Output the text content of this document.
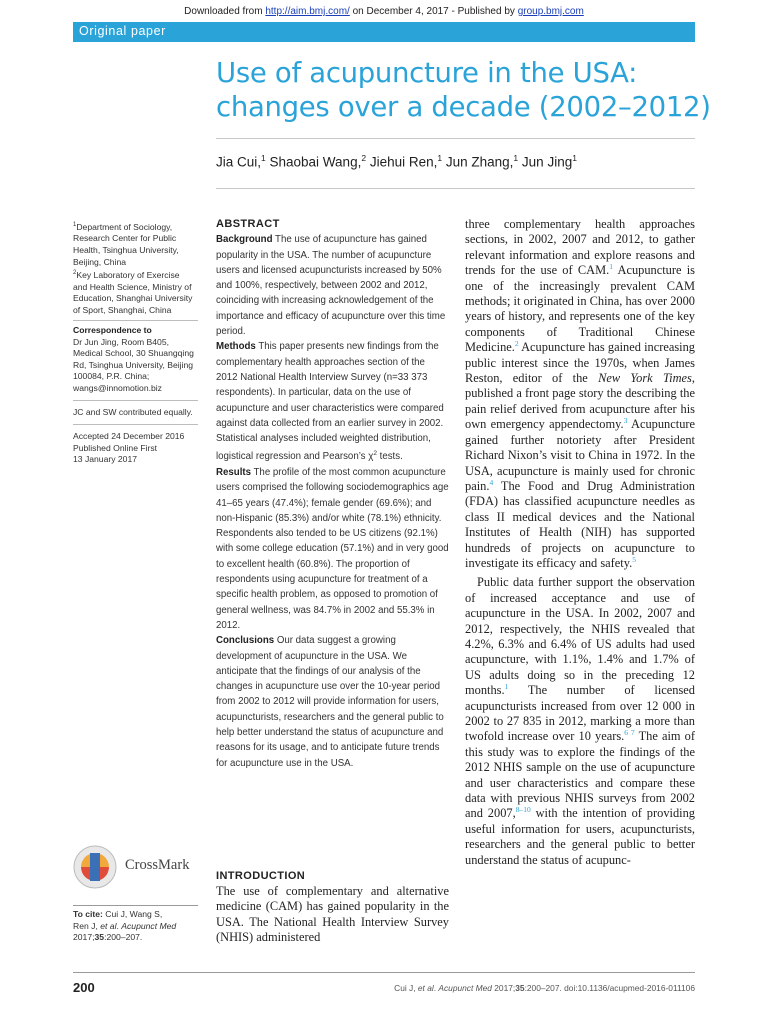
Downloaded from http://aim.bmj.com/ on December 4, 2017 - Published by group.bmj.com
Original paper
Use of acupuncture in the USA:
changes over a decade (2002–2012)
Jia Cui,$^1$ Shaobai Wang,$^2$ Jiehui Ren,$^1$ Jun Zhang,$^1$ Jun Jing$^1$
$^1$Department of Sociology,
Research Center for Public
Health, Tsinghua University,
Beijing, China
$^2$Key Laboratory of Exercise
and Health Science, Ministry of
Education, Shanghai University
of Sport, Shanghai, China
Correspondence to
Dr Jun Jing, Room B405,
Medical School, 30 Shuangqing
Rd, Tsinghua University, Beijing
100084, P.R. China;
wangs@innomotion.biz
JC and SW contributed equally.
Accepted 24 December 2016
Published Online First
13 January 2017

ABSTRACT

Background The use of acupuncture has gained popularity in the USA. The number of acupuncture users and licensed acupuncturists increased by 50% and 100%, respectively, between 2002 and 2012, coinciding with increasing acknowledgement of the importance and efficacy of acupuncture over this time period.

Methods This paper presents new findings from the complementary health approaches section of the 2012 National Health Interview Survey (n=33 373 respondents). In particular, data on the use of acupuncture and user characteristics were compared against data collected from an earlier survey in 2002. Statistical analyses included weighted distribution, logistical regression and Pearson’s $\chi^2$ tests.

Results The profile of the most common acupuncture users comprised the following sociodemographics age 41–65 years (47.4%); female gender (69.6%); and non-Hispanic (85.3%) and/or white (78.1%) ethnicity. Respondents also tended to be US citizens (92.1%) with some college education (57.1%) and in very good to excellent health (60.8%). The proportion of respondents using acupuncture for treatment of a specific health problem, as opposed to promotion of general wellness, was 84.7% in 2002 and 55.3% in 2012.

Conclusions Our data suggest a growing development of acupuncture in the USA. We anticipate that the findings of our analysis of the changes in acupuncture use over the 10-year period from 2002 to 2012 will provide information for users, acupuncturists, researchers and the general public to help better understand the status of acupuncture and reasons for its usage, and to anticipate future trends for acupuncture use in the USA.

CrossMark
To cite: Cui J, Wang S,
Ren J, et al. Acupunct Med
2017;35:200–207.

INTRODUCTION

The use of complementary and alternative medicine (CAM) has gained popularity in the USA. The National Health Interview Survey (NHIS) administered

three complementary health approaches sections, in 2002, 2007 and 2012, to gather relevant information and explore reasons and trends for the use of CAM.$^1$ Acupuncture is one of the increasingly prevalent CAM methods; it originated in China, has over 2000 years of history, and represents one of the key components of Traditional Chinese Medicine.$^2$ Acupuncture has gained increasing public interest since the 1970s, when James Reston, editor of the New York Times, published a front page story the describing the pain relief derived from acupuncture after his own emergency appendectomy.$^3$ Acupuncture gained further notoriety after President Richard Nixon’s visit to China in 1972. In the USA, acupuncture is mainly used for chronic pain.$^4$ The Food and Drug Administration (FDA) has classified acupuncture needles as class II medical devices and the National Institutes of Health (NIH) has supported hundreds of projects on acupuncture to investigate its efficacy and safety.$^5$

Public data further support the observation of increased acceptance and use of acupuncture in the USA. In 2002, 2007 and 2012, respectively, the NHIS revealed that 4.2%, 6.3% and 6.4% of US adults had used acupuncture, with 1.1%, 1.4% and 1.7% of US adults doing so in the preceding 12 months.$^1$ The number of licensed acupuncturists increased from over 12 000 in 2002 to 27 835 in 2012, marking a more than twofold increase over 10 years.$^{6 7}$ The aim of this study was to explore the findings of the 2012 NHIS sample on the use of acupuncture and user characteristics and compare these data with previous NHIS surveys from 2002 and 2007,$^{8-10}$ with the intention of providing useful information for users, acupuncturists, researchers and the general public to better understand the status of acupunc-

200	Cui J, et al. Acupunct Med 2017;35:200–207. doi:10.1136/acupmed-2016-011106
